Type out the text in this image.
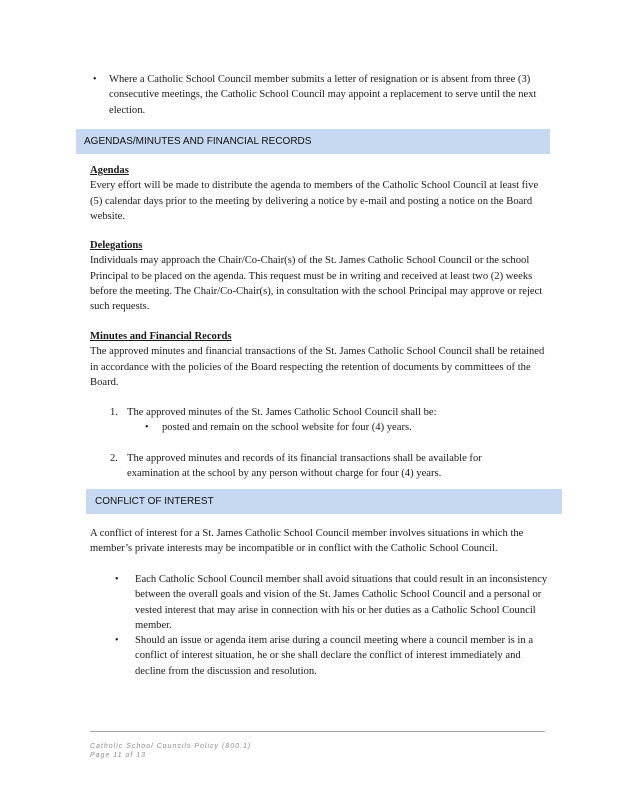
•	Where a Catholic School Council member submits a letter of resignation or is absent from three (3) consecutive meetings, the Catholic School Council may appoint a replacement to serve until the next election.
AGENDAS/MINUTES AND FINANCIAL RECORDS

Agendas

Every effort will be made to distribute the agenda to members of the Catholic School Council at least five (5) calendar days prior to the meeting by delivering a notice by e-mail and posting a notice on the Board website.

Delegations

Individuals may approach the Chair/Co-Chair(s) of the St. James Catholic School Council or the school Principal to be placed on the agenda. This request must be in writing and received at least two (2) weeks before the meeting. The Chair/Co-Chair(s), in consultation with the school Principal may approve or reject such requests.

Minutes and Financial Records

The approved minutes and financial transactions of the St. James Catholic School Council shall be retained in accordance with the policies of the Board respecting the retention of documents by committees of the Board.

1. The approved minutes of the St. James Catholic School Council shall be:
•	posted and remain on the school website for four (4) years.
2. The approved minutes and records of its financial transactions shall be available for examination at the school by any person without charge for four (4) years.
CONFLICT OF INTEREST

A conflict of interest for a St. James Catholic School Council member involves situations in which the member’s private interests may be incompatible or in conflict with the Catholic School Council.

•	Each Catholic School Council member shall avoid situations that could result in an inconsistency between the overall goals and vision of the St. James Catholic School Council and a personal or vested interest that may arise in connection with his or her duties as a Catholic School Council member.
•	Should an issue or agenda item arise during a council meeting where a council member is in a conflict of interest situation, he or she shall declare the conflict of interest immediately and decline from the discussion and resolution.
Catholic School Councils Policy (800.1)
Page 11 of 13
